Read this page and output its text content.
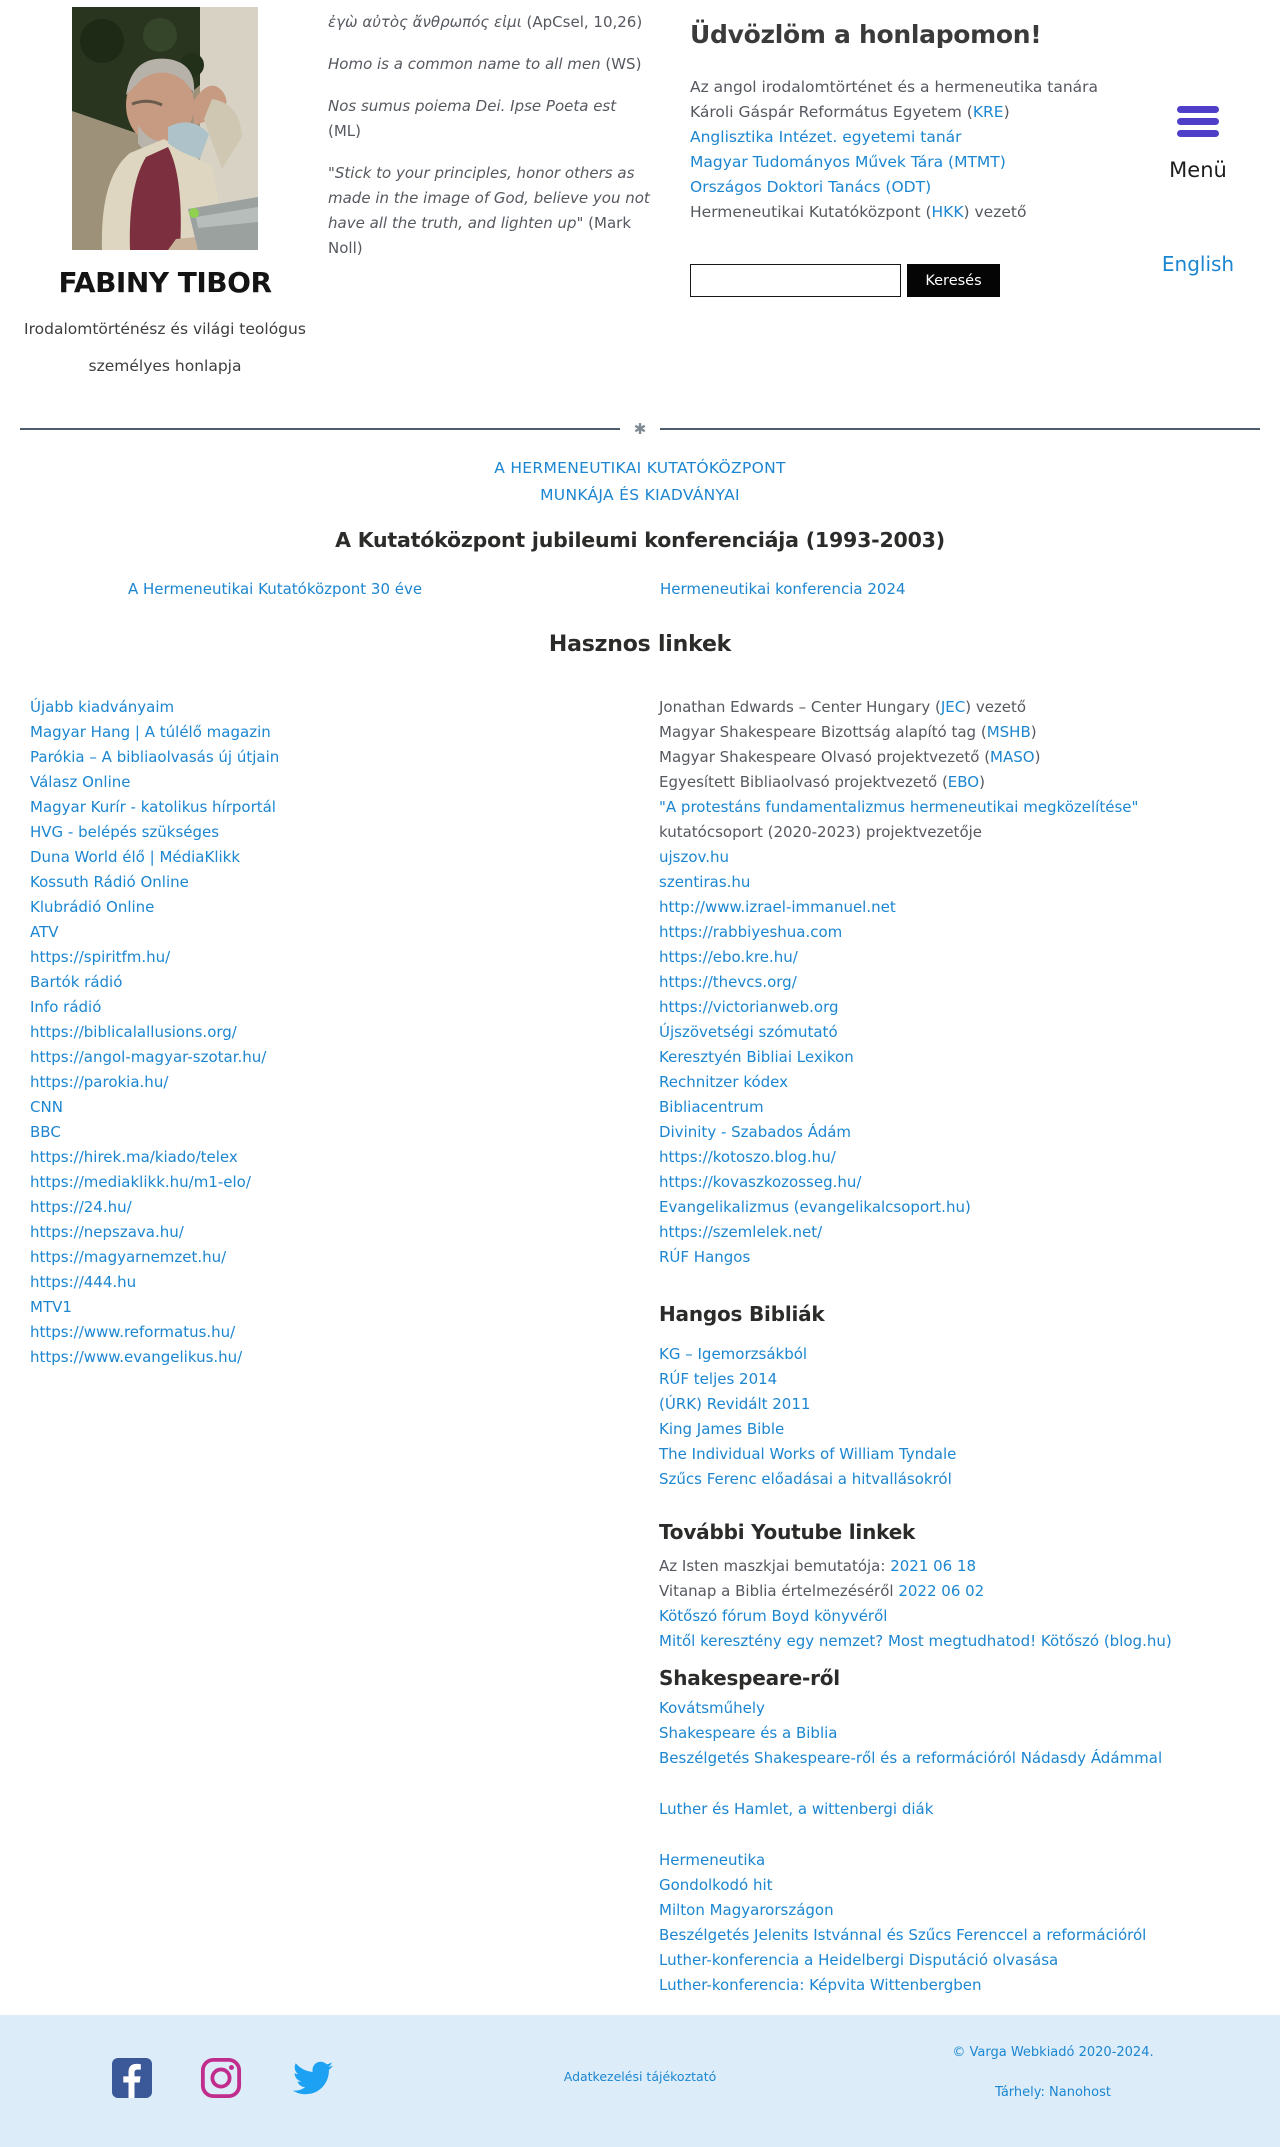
FABINY TIBOR

Irodalomtörténész és világi teológus

személyes honlapja

ἐγὼ αὐτὸς ἄνθρωπός εἰμι (ApCsel, 10,26)

Homo is a common name to all men (WS)

Nos sumus poiema Dei. Ipse Poeta est (ML)

"Stick to your principles, honor others as made in the image of God, believe you not have all the truth, and lighten up" (Mark Noll)

Üdvözlöm a honlapomon!
Az angol irodalomtörténet és a hermeneutika tanára
Károli Gáspár Református Egyetem (KRE)
Anglisztika Intézet. egyetemi tanár
Magyar Tudományos Művek Tára (MTMT)
Országos Doktori Tanács (ODT)
Hermeneutikai Kutatóközpont (HKK) vezető
Keresés
Menü
English
✱
A HERMENEUTIKAI KUTATÓKÖZPONT
MUNKÁJA ÉS KIADVÁNYAI
A Kutatóközpont jubileumi konferenciája (1993-2003)
A Hermeneutikai Kutatóközpont 30 éve	Hermeneutikai konferencia 2024
Hasznos linkek
Újabb kiadványaim
Magyar Hang | A túlélő magazin
Parókia – A bibliaolvasás új útjain
Válasz Online
Magyar Kurír - katolikus hírportál
HVG - belépés szükséges
Duna World élő | MédiaKlikk
Kossuth Rádió Online
Klubrádió Online
ATV
https://spiritfm.hu/
Bartók rádió
Info rádió
https://biblicalallusions.org/
https://angol-magyar-szotar.hu/
https://parokia.hu/
CNN
BBC
https://hirek.ma/kiado/telex
https://mediaklikk.hu/m1-elo/
https://24.hu/
https://nepszava.hu/
https://magyarnemzet.hu/
https://444.hu
MTV1
https://www.reformatus.hu/
https://www.evangelikus.hu/
Jonathan Edwards – Center Hungary (JEC) vezető
Magyar Shakespeare Bizottság alapító tag (MSHB)
Magyar Shakespeare Olvasó projektvezető (MASO)
Egyesített Bibliaolvasó projektvezető (EBO)
"A protestáns fundamentalizmus hermeneutikai megközelítése"
kutatócsoport (2020-2023) projektvezetője
ujszov.hu
szentiras.hu
http://www.izrael-immanuel.net
https://rabbiyeshua.com
https://ebo.kre.hu/
https://thevcs.org/
https://victorianweb.org
Újszövetségi szómutató
Keresztyén Bibliai Lexikon
Rechnitzer kódex
Bibliacentrum
Divinity - Szabados Ádám
https://kotoszo.blog.hu/
https://kovaszkozosseg.hu/
Evangelikalizmus (evangelikalcsoport.hu)
https://szemlelek.net/
RÚF Hangos
Hangos Bibliák
KG – Igemorzsákból
RÚF teljes 2014
(ÚRK) Revidált 2011
King James Bible
The Individual Works of William Tyndale
Szűcs Ferenc előadásai a hitvallásokról
További Youtube linkek
Az Isten maszkjai bemutatója: 2021 06 18
Vitanap a Biblia értelmezéséről 2022 06 02
Kötőszó fórum Boyd könyvéről
Mitől keresztény egy nemzet? Most megtudhatod! Kötőszó (blog.hu)
Shakespeare-ről
Kovátsműhely
Shakespeare és a Biblia
Beszélgetés Shakespeare-ről és a reformációról Nádasdy Ádámmal
Luther és Hamlet, a wittenbergi diák
Hermeneutika
Gondolkodó hit
Milton Magyarországon
Beszélgetés Jelenits Istvánnal és Szűcs Ferenccel a reformációról
Luther-konferencia a Heidelbergi Disputáció olvasása
Luther-konferencia: Képvita Wittenbergben
Adatkezelési tájékoztató
© Varga Webkiadó 2020-2024.
Tárhely: Nanohost
